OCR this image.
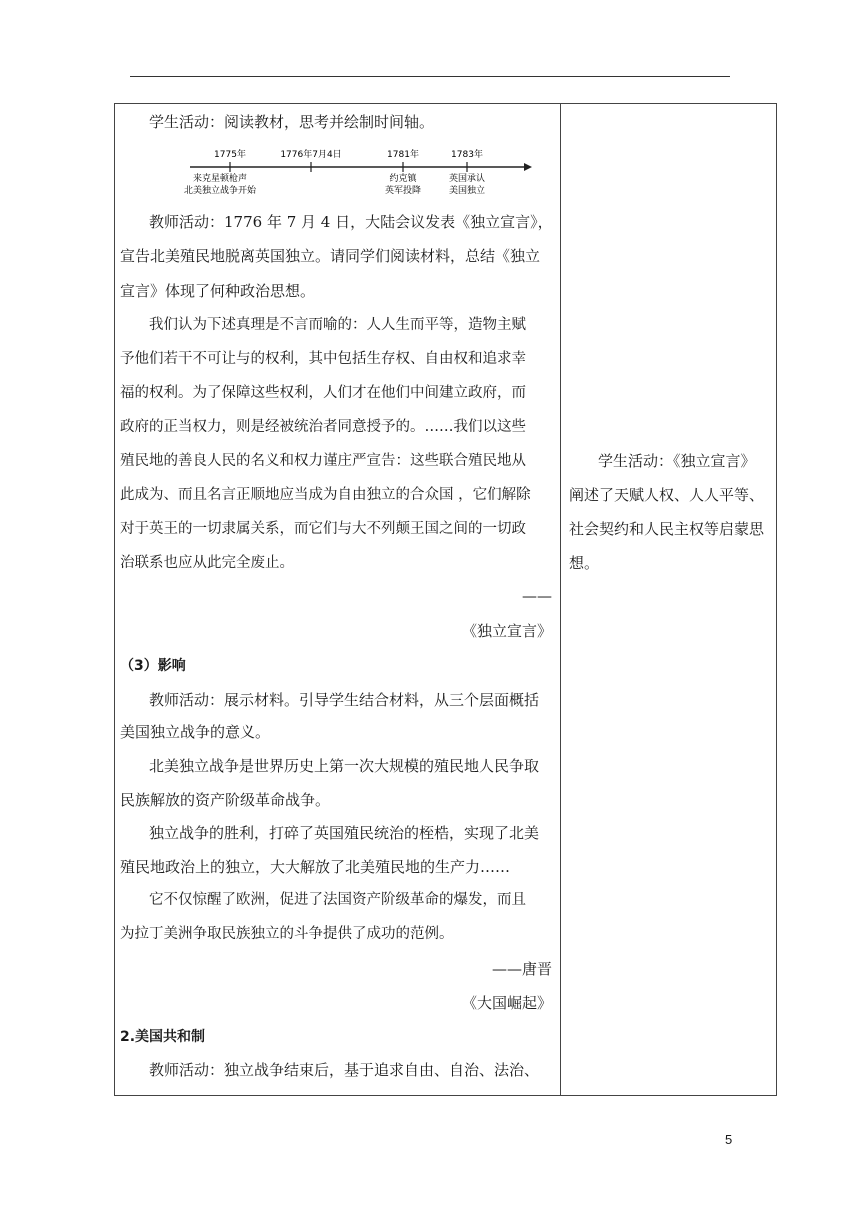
学生活动：阅读教材，思考并绘制时间轴。
1775年	1776年7月4日	1781年	1783年
来克星顿枪声
北美独立战争开始
约克镇
英军投降
英国承认
美国独立
教师活动：1776 年 7 月 4 日，大陆会议发表《独立宣言》，
宣告北美殖民地脱离英国独立。请同学们阅读材料，总结《独立
宣言》体现了何种政治思想。
我们认为下述真理是不言而喻的：人人生而平等，造物主赋
予他们若干不可让与的权利，其中包括生存权、自由权和追求幸
福的权利。为了保障这些权利，人们才在他们中间建立政府，而
政府的正当权力，则是经被统治者同意授予的。……我们以这些
殖民地的善良人民的名义和权力谨庄严宣告：这些联合殖民地从
此成为、而且名言正顺地应当成为自由独立的合众国 ，它们解除
对于英王的一切隶属关系，而它们与大不列颠王国之间的一切政
治联系也应从此完全废止。
——
《独立宣言》
（3）影响
教师活动：展示材料。引导学生结合材料，从三个层面概括
美国独立战争的意义。
北美独立战争是世界历史上第一次大规模的殖民地人民争取
民族解放的资产阶级革命战争。
独立战争的胜利，打碎了英国殖民统治的桎梏，实现了北美
殖民地政治上的独立，大大解放了北美殖民地的生产力……
它不仅惊醒了欧洲，促进了法国资产阶级革命的爆发，而且
为拉丁美洲争取民族独立的斗争提供了成功的范例。
——唐晋
《大国崛起》
2.美国共和制
教师活动：独立战争结束后，基于追求自由、自治、法治、
学生活动：《独立宣言》
阐述了天赋人权、人人平等、
社会契约和人民主权等启蒙思
想。
5
